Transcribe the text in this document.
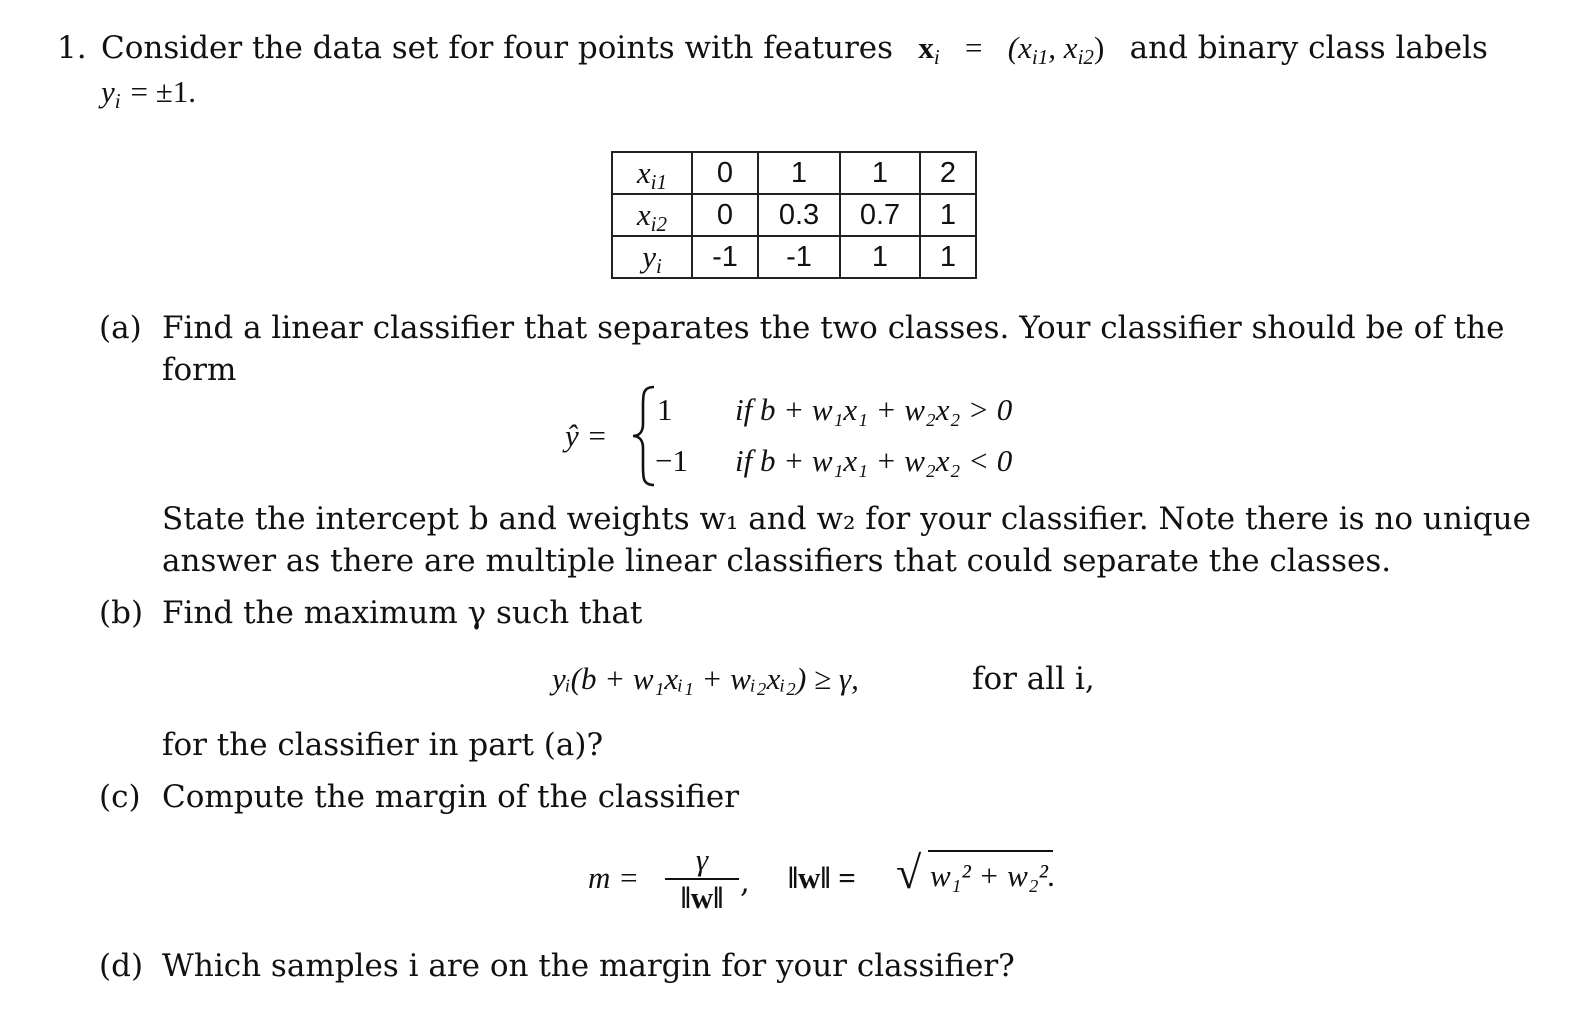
1. Consider the data set for four points with features $x_i = (x_{i1}$, $x_{i2}$) and binary class labels
$y_i = \pm 1$.
$x_{i1}$	0	1	1	2
$x_{i2}$	0	0.3	0.7	1
$y_i$	-1	-1	1	1
(a) Find a linear classifier that separates the two classes. Your classifier should be of the
form
ŷ =
1 if b + w₁x₁ + w₂x₂ > 0
−1 if b + w₁x₁ + w₂x₂ < 0
State the intercept b and weights w₁ and w₂ for your classifier. Note there is no unique
answer as there are multiple linear classifiers that could separate the classes.
(b) Find the maximum γ such that
yᵢ(b + w₁xᵢ₁ + wᵢ₂xᵢ₂) ≥ γ,	for all i,
for the classifier in part (a)?
(c) Compute the margin of the classifier
$m = \frac{\gamma}{‖w‖}$ , ‖w‖ = √ w₁² + w₂².
(d) Which samples i are on the margin for your classifier?
